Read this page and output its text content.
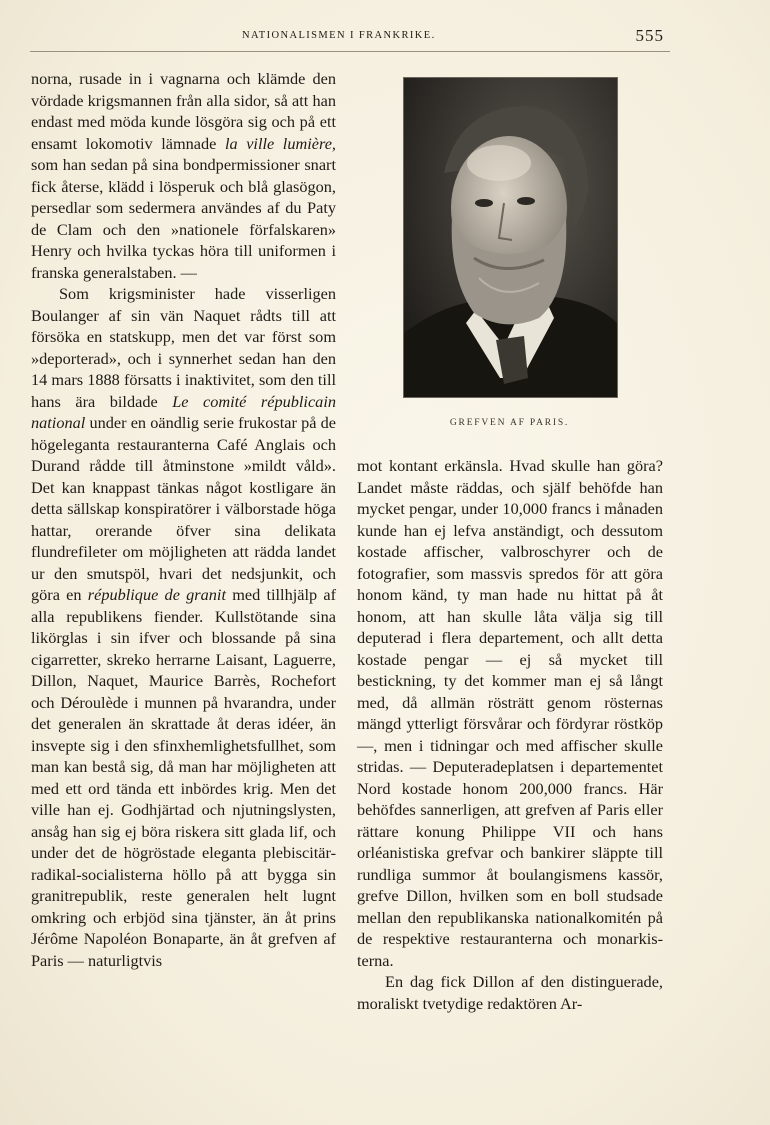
NATIONALISMEN I FRANKRIKE.	555

norna, rusade in i vagnarna och klämde den vördade krigsmannen från alla sidor, så att han endast med möda kunde lösgöra sig och på ett ensamt lokomotiv lämnade la ville lumière, som han sedan på sina bondpermissioner snart fick återse, klädd i lösperuk och blå glasögon, persedlar som sedermera användes af du Paty de Clam och den »nationele förfalskaren» Henry och hvilka tyckas höra till uniformen i franska generalstaben. —

Som krigsminister hade visserligen Boulanger af sin vän Naquet rådts till att försöka en statskupp, men det var först som »deporterad», och i synnerhet sedan han den 14 mars 1888 försatts i inaktivitet, som den till hans ära bildade Le comité républicain national under en oändlig serie frukostar på de högeleganta restauranterna Café Anglais och Durand rådde till åtminstone »mildt våld». Det kan knappast tänkas något kostligare än detta sällskap konspiratörer i välborstade höga hattar, orerande öfver sina delikata flundrefileter om möjligheten att rädda landet ur den smutspöl, hvari det nedsjunkit, och göra en république de granit med tillhjälp af alla republikens fiender. Kullstötande sina likörglas i sin ifver och blossande på sina cigarretter, skreko herrarne Laisant, Laguerre, Dillon, Naquet, Maurice Barrès, Rochefort och Déroulède i munnen på hvarandra, under det generalen än skrattade åt deras idéer, än insvepte sig i den sfinxhemlighetsfullhet, som man kan bestå sig, då man har möjligheten att med ett ord tända ett inbördes krig. Men det ville han ej. Godhjärtad och njutningslysten, ansåg han sig ej böra riskera sitt glada lif, och under det de högröstade eleganta plebiscitär-radikal-socialisterna höllo på att bygga sin granitrepublik, reste generalen helt lugnt omkring och erbjöd sina tjänster, än åt prins Jérôme Napoléon Bonaparte, än åt grefven af Paris — naturligtvis

GREFVEN AF PARIS.

mot kontant erkänsla. Hvad skulle han göra? Landet måste räddas, och själf behöfde han mycket pengar, under 10,000 francs i månaden kunde han ej lefva anständigt, och dessutom kostade affischer, valbroschyrer och de fotografier, som massvis spredos för att göra honom känd, ty man hade nu hittat på åt honom, att han skulle låta välja sig till deputerad i flera departement, och allt detta kostade pengar — ej så mycket till bestickning, ty det kommer man ej så långt med, då allmän rösträtt genom rösternas mängd ytterligt försvårar och fördyrar röstköp —, men i tidningar och med affischer skulle stridas. — Deputeradeplatsen i departementet Nord kostade honom 200,000 francs. Här behöfdes sannerligen, att grefven af Paris eller rättare konung Philippe VII och hans orléanistiska grefvar och bankirer släppte till rundliga summor åt boulangismens kassör, grefve Dillon, hvilken som en boll studsade mellan den republikanska nationalkomitén på de respektive restauranterna och monarkisterna.

En dag fick Dillon af den distinguerade, moraliskt tvetydige redaktören Ar-
